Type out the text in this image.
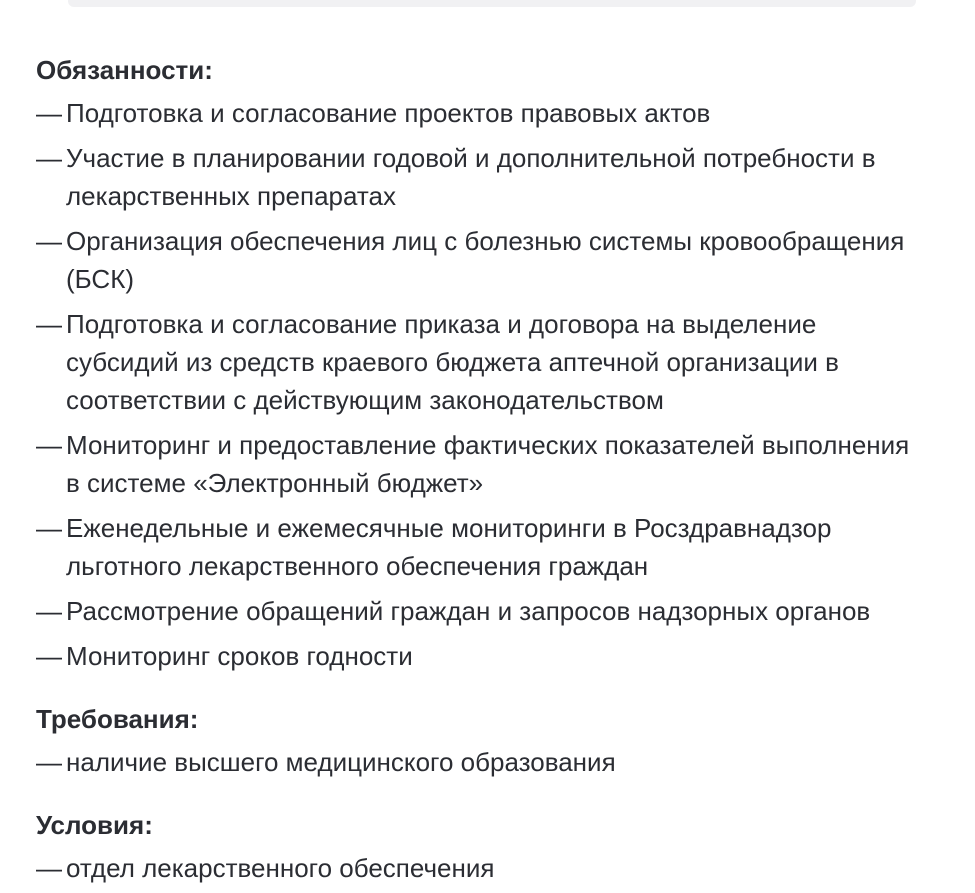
Обязанности:
— Подготовка и согласование проектов правовых актов
— Участие в планировании годовой и дополнительной потребности в лекарственных препаратах
— Организация обеспечения лиц с болезнью системы кровообращения (БСК)
— Подготовка и согласование приказа и договора на выделение субсидий из средств краевого бюджета аптечной организации в соответствии с действующим законодательством
— Мониторинг и предоставление фактических показателей выполнения в системе «Электронный бюджет»
— Еженедельные и ежемесячные мониторинги в Росздравнадзор льготного лекарственного обеспечения граждан
— Рассмотрение обращений граждан и запросов надзорных органов
— Мониторинг сроков годности
Требования:
— наличие высшего медицинского образования
Условия:
— отдел лекарственного обеспечения
